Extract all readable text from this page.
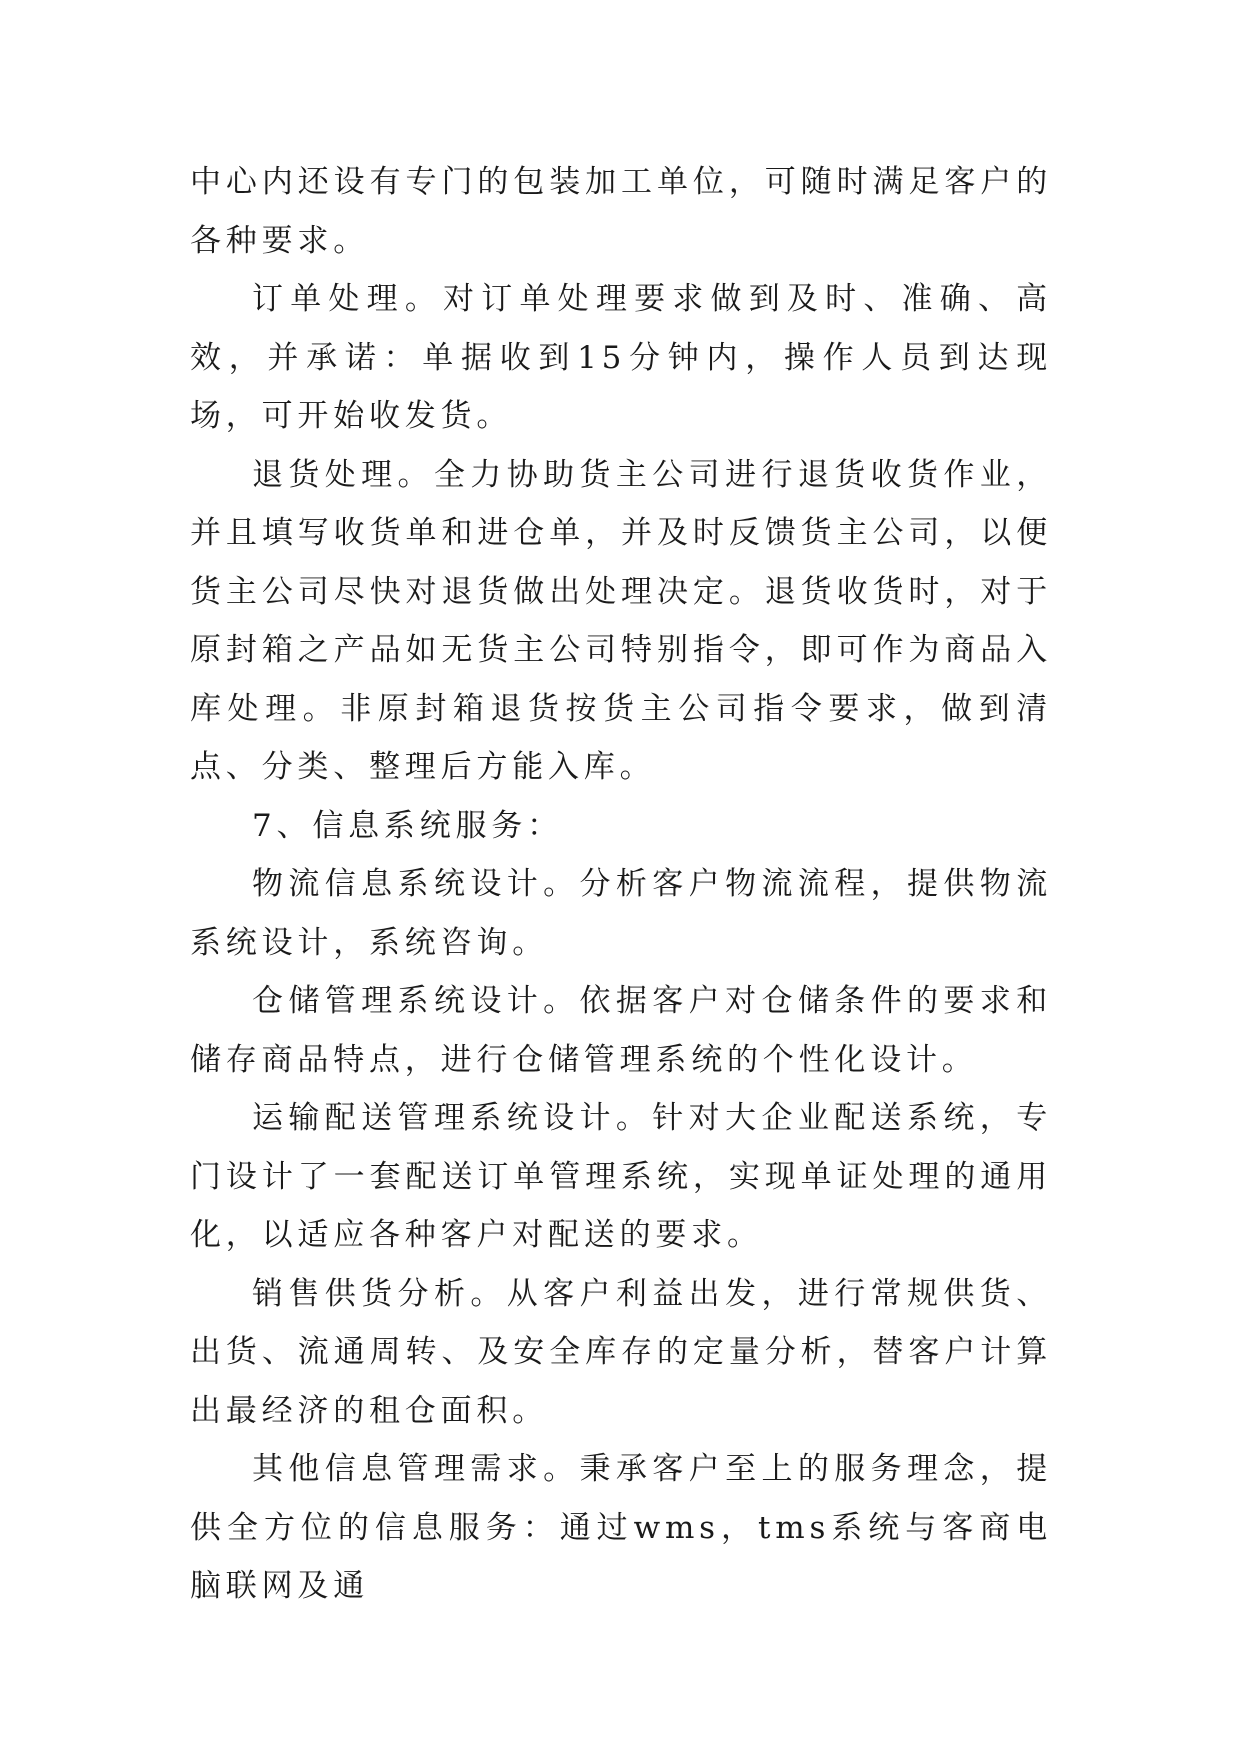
中心内还设有专门的包装加工单位，可随时满足客户的各种要求。

订单处理。对订单处理要求做到及时、准确、高效，并承诺：单据收到15分钟内，操作人员到达现场，可开始收发货。

退货处理。全力协助货主公司进行退货收货作业，并且填写收货单和进仓单，并及时反馈货主公司，以便货主公司尽快对退货做出处理决定。退货收货时，对于原封箱之产品如无货主公司特别指令，即可作为商品入库处理。非原封箱退货按货主公司指令要求，做到清点、分类、整理后方能入库。

7、信息系统服务：

物流信息系统设计。分析客户物流流程，提供物流系统设计，系统咨询。

仓储管理系统设计。依据客户对仓储条件的要求和储存商品特点，进行仓储管理系统的个性化设计。

运输配送管理系统设计。针对大企业配送系统，专门设计了一套配送订单管理系统，实现单证处理的通用化，以适应各种客户对配送的要求。

销售供货分析。从客户利益出发，进行常规供货、出货、流通周转、及安全库存的定量分析，替客户计算出最经济的租仓面积。

其他信息管理需求。秉承客户至上的服务理念，提供全方位的信息服务：通过wms，tms系统与客商电脑联网及通
